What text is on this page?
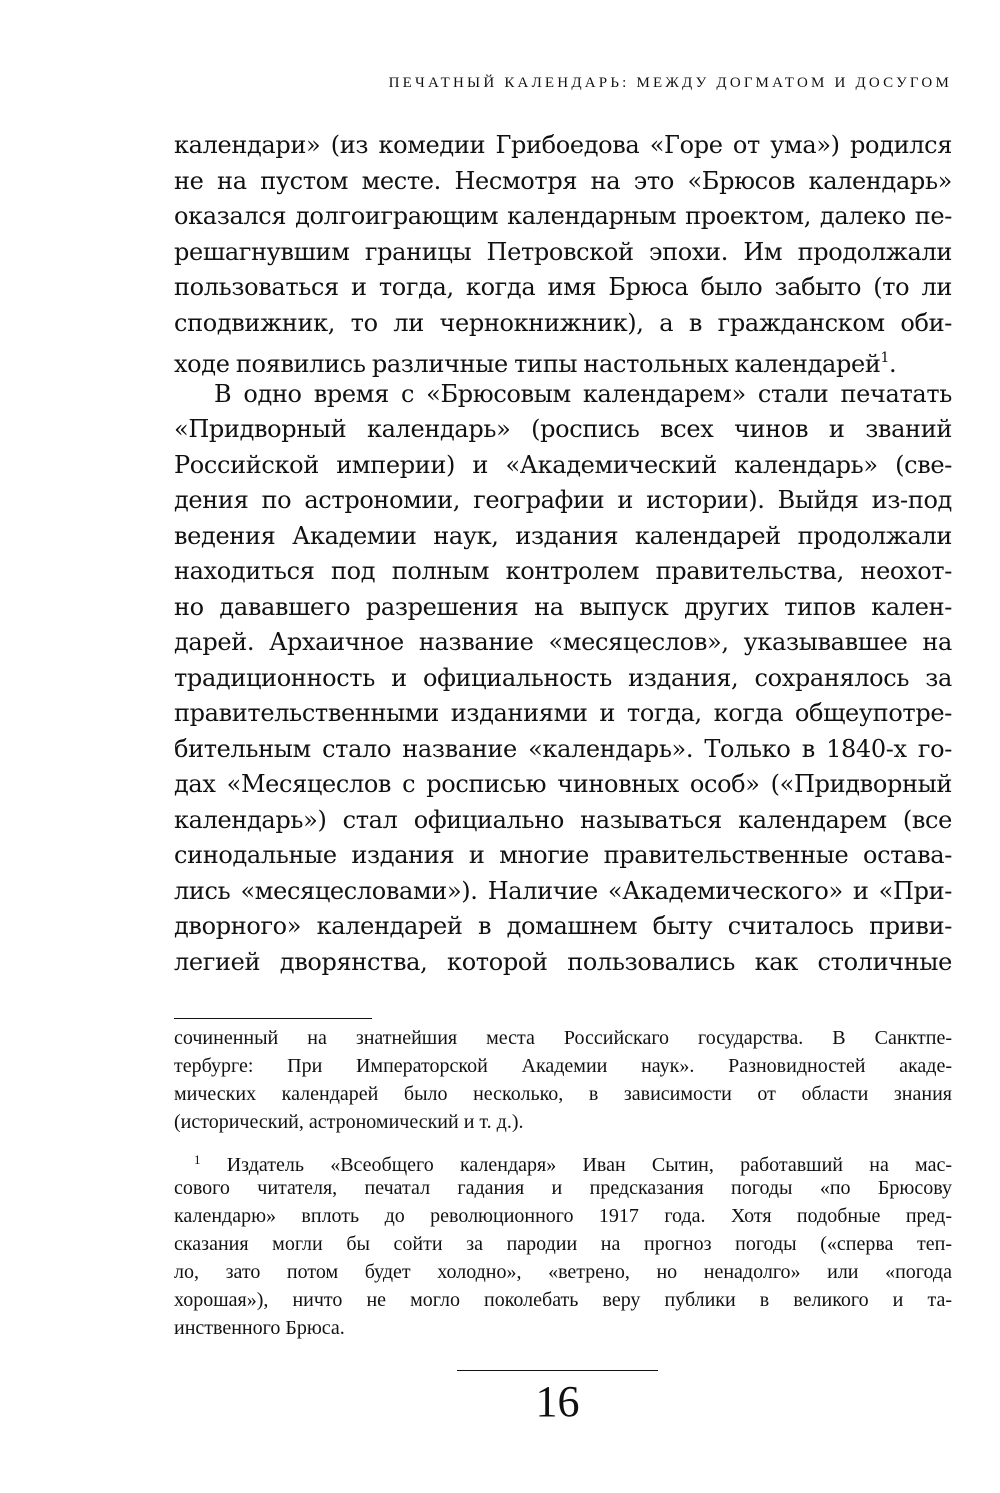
ПЕЧАТНЫЙ КАЛЕНДАРЬ: МЕЖДУ ДОГМАТОМ И ДОСУГОМ
календари» (из комедии Грибоедова «Горе от ума») родился
не на пустом месте. Несмотря на это «Брюсов календарь»
оказался долгоиграющим календарным проектом, далеко пе-
решагнувшим границы Петровской эпохи. Им продолжали
пользоваться и тогда, когда имя Брюса было забыто (то ли
сподвижник, то ли чернокнижник), а в гражданском оби-
ходе появились различные типы настольных календарей$^1$.
В одно время с «Брюсовым календарем» стали печатать
«Придворный календарь» (роспись всех чинов и званий
Российской империи) и «Академический календарь» (све-
дения по астрономии, географии и истории). Выйдя из-под
ведения Академии наук, издания календарей продолжали
находиться под полным контролем правительства, неохот-
но дававшего разрешения на выпуск других типов кален-
дарей. Архаичное название «месяцеслов», указывавшее на
традиционность и официальность издания, сохранялось за
правительственными изданиями и тогда, когда общеупотре-
бительным стало название «календарь». Только в 1840-х го-
дах «Месяцеслов с росписью чиновных особ» («Придворный
календарь») стал официально называться календарем (все
синодальные издания и многие правительственные остава-
лись «месяцесловами»). Наличие «Академического» и «При-
дворного» календарей в домашнем быту считалось приви-
легией дворянства, которой пользовались как столичные
сочиненный на знатнейшия места Российскаго государства. В Санктпе-
тербурге: При Императорской Академии наук». Разновидностей акаде-
мических календарей было несколько, в зависимости от области знания
(исторический, астрономический и т. д.).
$^1$ Издатель «Всеобщего календаря» Иван Сытин, работавший на мас-
сового читателя, печатал гадания и предсказания погоды «по Брюсову
календарю» вплоть до революционного 1917 года. Хотя подобные пред-
сказания могли бы сойти за пародии на прогноз погоды («сперва теп-
ло, зато потом будет холодно», «ветрено, но ненадолго» или «погода
хорошая»), ничто не могло поколебать веру публики в великого и та-
инственного Брюса.
16
